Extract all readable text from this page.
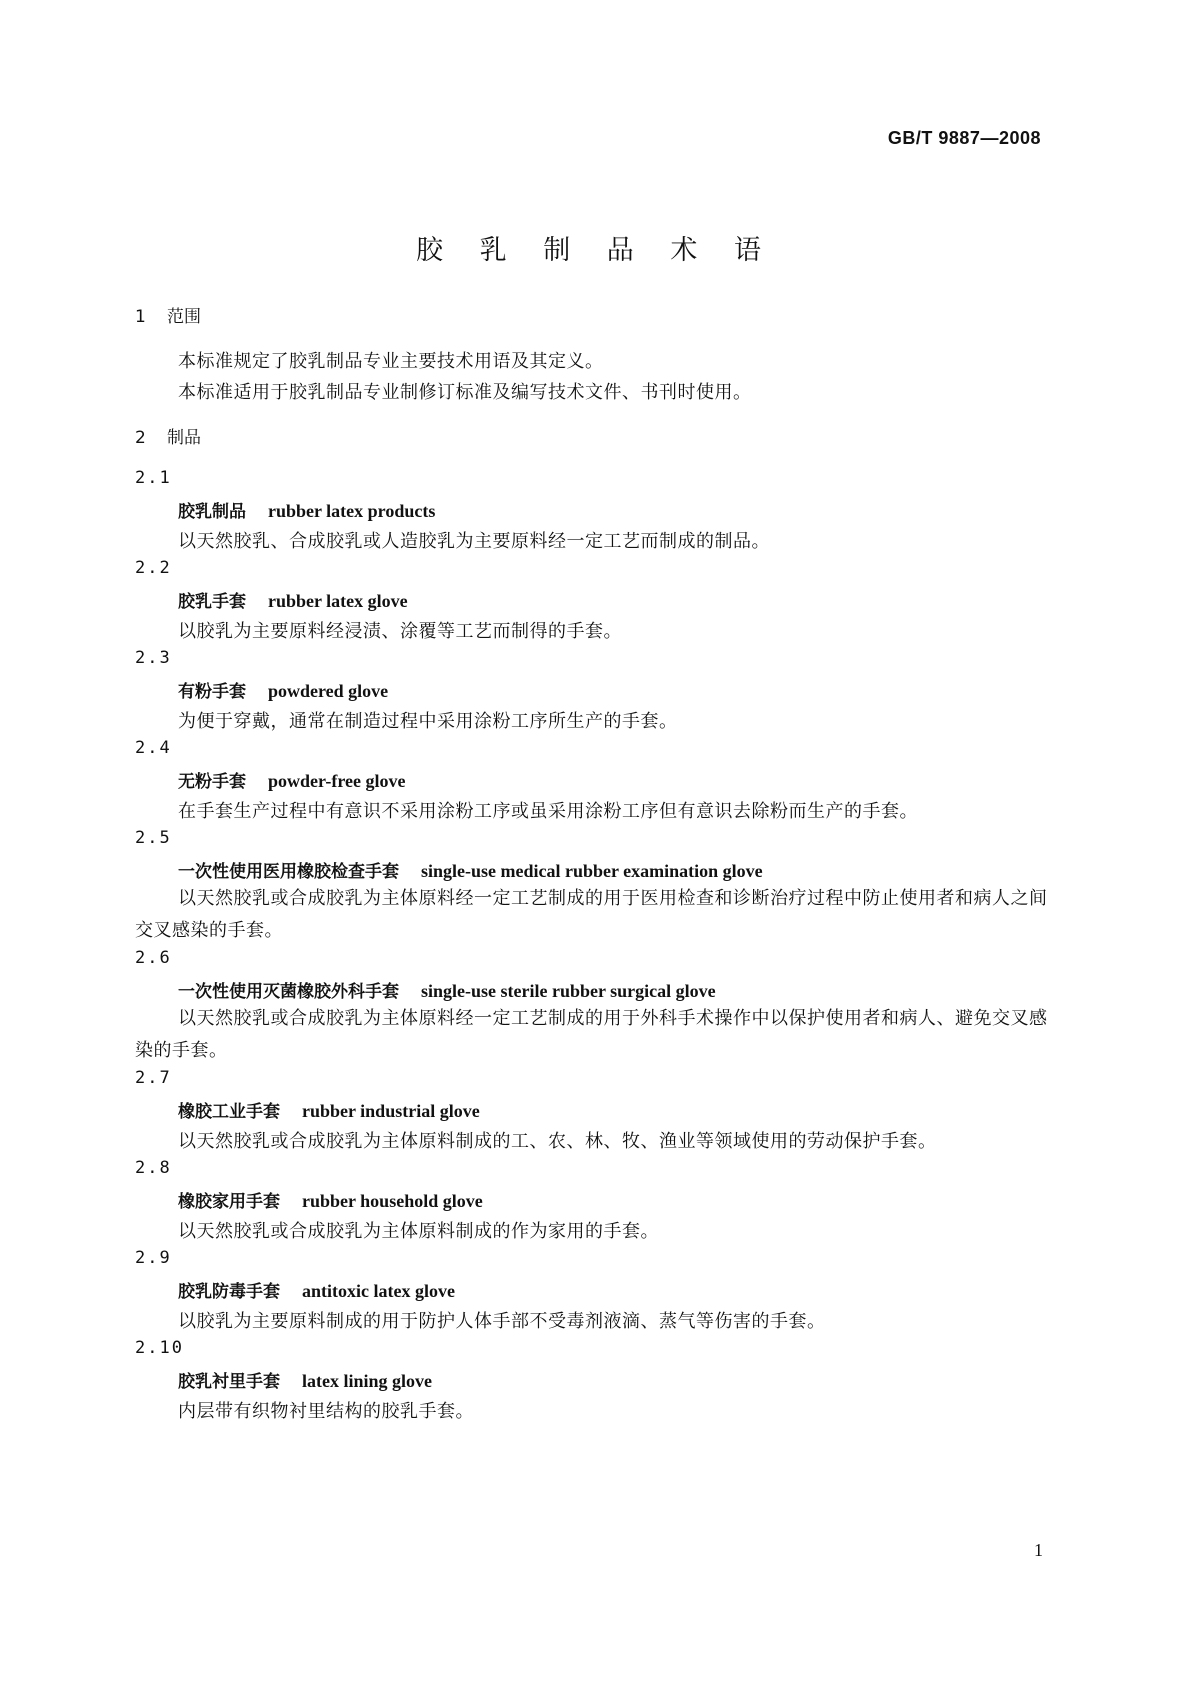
GB/T 9887—2008
胶 乳 制 品 术 语
1 范围
本标准规定了胶乳制品专业主要技术用语及其定义。
本标准适用于胶乳制品专业制修订标准及编写技术文件、书刊时使用。
2 制品
2.1
胶乳制品 rubber latex products
以天然胶乳、合成胶乳或人造胶乳为主要原料经一定工艺而制成的制品。
2.2
胶乳手套 rubber latex glove
以胶乳为主要原料经浸渍、涂覆等工艺而制得的手套。
2.3
有粉手套 powdered glove
为便于穿戴，通常在制造过程中采用涂粉工序所生产的手套。
2.4
无粉手套 powder-free glove
在手套生产过程中有意识不采用涂粉工序或虽采用涂粉工序但有意识去除粉而生产的手套。
2.5
一次性使用医用橡胶检查手套 single-use medical rubber examination glove
以天然胶乳或合成胶乳为主体原料经一定工艺制成的用于医用检查和诊断治疗过程中防止使用者和病人之间交叉感染的手套。
2.6
一次性使用灭菌橡胶外科手套 single-use sterile rubber surgical glove
以天然胶乳或合成胶乳为主体原料经一定工艺制成的用于外科手术操作中以保护使用者和病人、避免交叉感染的手套。
2.7
橡胶工业手套 rubber industrial glove
以天然胶乳或合成胶乳为主体原料制成的工、农、林、牧、渔业等领域使用的劳动保护手套。
2.8
橡胶家用手套 rubber household glove
以天然胶乳或合成胶乳为主体原料制成的作为家用的手套。
2.9
胶乳防毒手套 antitoxic latex glove
以胶乳为主要原料制成的用于防护人体手部不受毒剂液滴、蒸气等伤害的手套。
2.10
胶乳衬里手套 latex lining glove
内层带有织物衬里结构的胶乳手套。
1
